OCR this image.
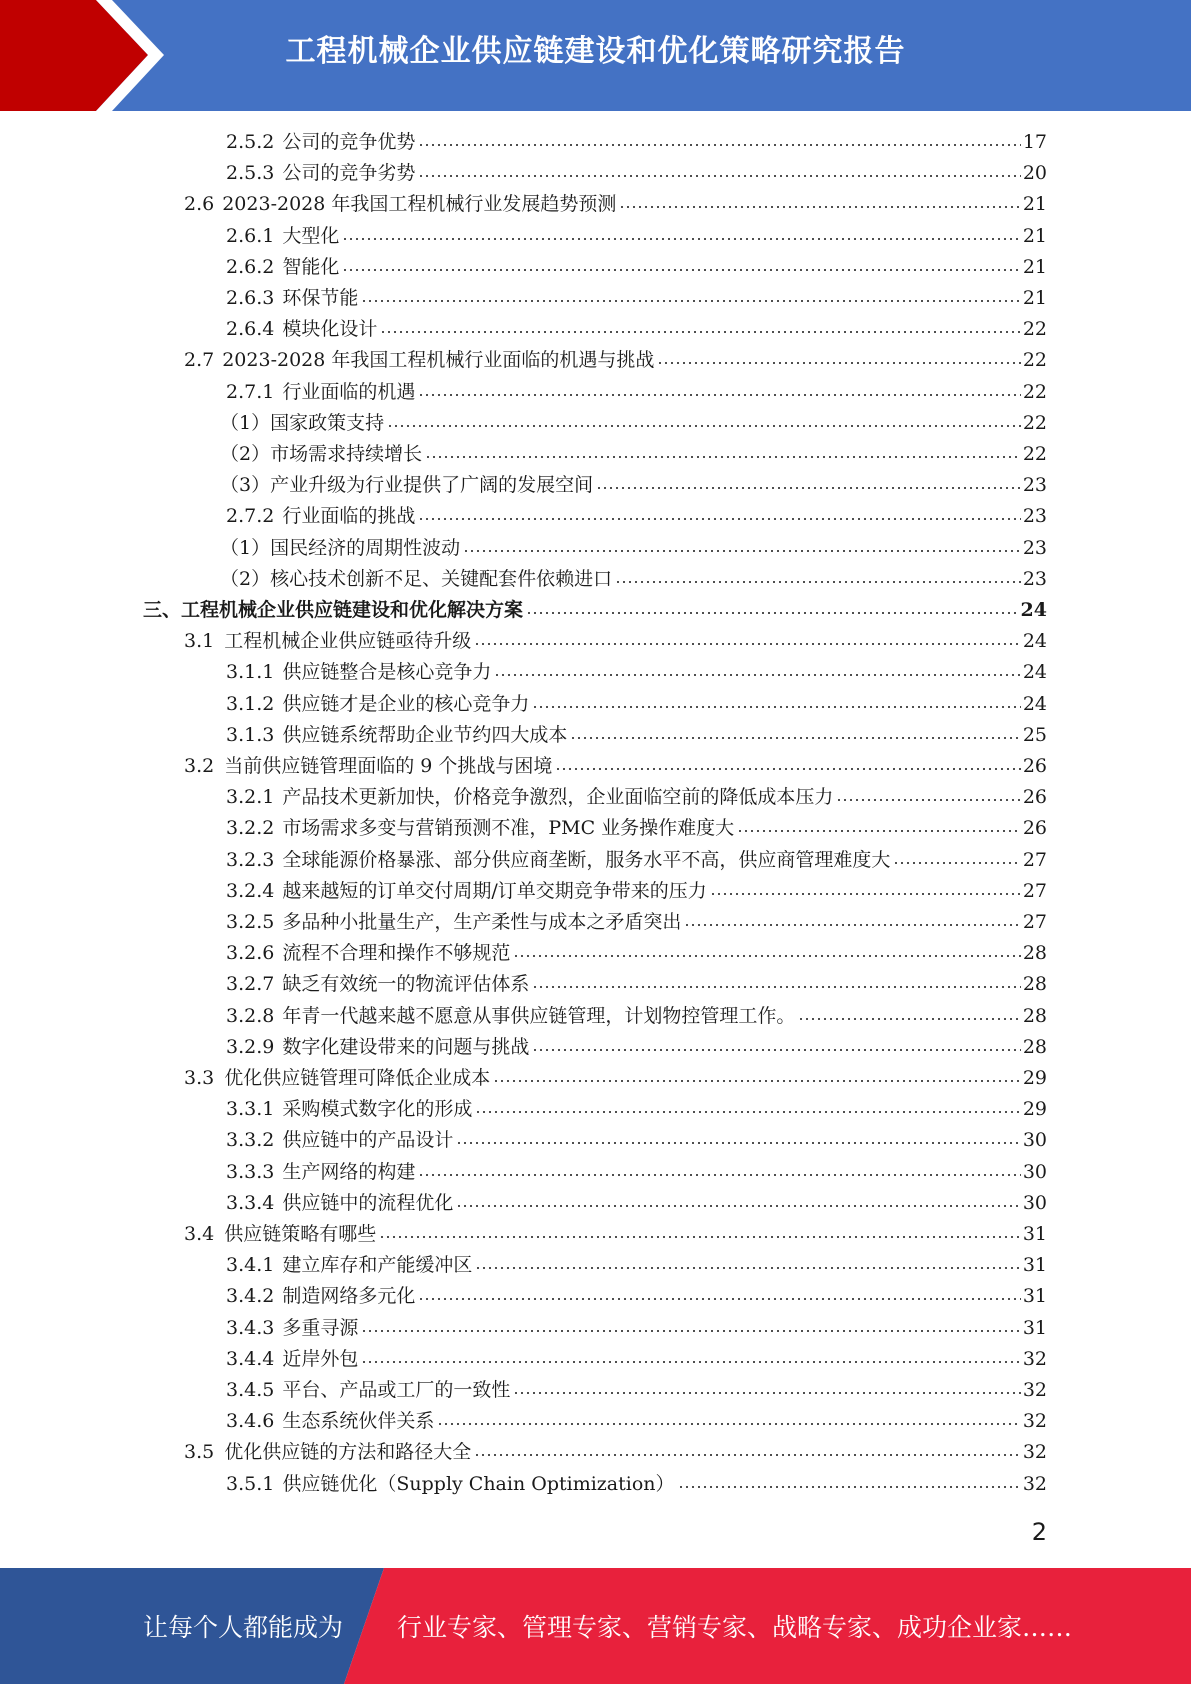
工程机械企业供应链建设和优化策略研究报告
2.5.2 公司的竞争优势	17
2.5.3 公司的竞争劣势	20
2.6 2023-2028 年我国工程机械行业发展趋势预测	21
2.6.1 大型化	21
2.6.2 智能化	21
2.6.3 环保节能	21
2.6.4 模块化设计	22
2.7 2023-2028 年我国工程机械行业面临的机遇与挑战	22
2.7.1 行业面临的机遇	22
（1）国家政策支持	22
（2）市场需求持续增长	22
（3）产业升级为行业提供了广阔的发展空间	23
2.7.2 行业面临的挑战	23
（1）国民经济的周期性波动	23
（2）核心技术创新不足、关键配套件依赖进口	23
三、工程机械企业供应链建设和优化解决方案	24
3.1 工程机械企业供应链亟待升级	24
3.1.1 供应链整合是核心竞争力	24
3.1.2 供应链才是企业的核心竞争力	24
3.1.3 供应链系统帮助企业节约四大成本	25
3.2 当前供应链管理面临的 9 个挑战与困境	26
3.2.1 产品技术更新加快，价格竞争激烈，企业面临空前的降低成本压力	26
3.2.2 市场需求多变与营销预测不准，PMC 业务操作难度大	26
3.2.3 全球能源价格暴涨、部分供应商垄断，服务水平不高，供应商管理难度大	27
3.2.4 越来越短的订单交付周期/订单交期竞争带来的压力	27
3.2.5 多品种小批量生产，生产柔性与成本之矛盾突出	27
3.2.6 流程不合理和操作不够规范	28
3.2.7 缺乏有效统一的物流评估体系	28
3.2.8 年青一代越来越不愿意从事供应链管理，计划物控管理工作。	28
3.2.9 数字化建设带来的问题与挑战	28
3.3 优化供应链管理可降低企业成本	29
3.3.1 采购模式数字化的形成	29
3.3.2 供应链中的产品设计	30
3.3.3 生产网络的构建	30
3.3.4 供应链中的流程优化	30
3.4 供应链策略有哪些	31
3.4.1 建立库存和产能缓冲区	31
3.4.2 制造网络多元化	31
3.4.3 多重寻源	31
3.4.4 近岸外包	32
3.4.5 平台、产品或工厂的一致性	32
3.4.6 生态系统伙伴关系	32
3.5 优化供应链的方法和路径大全	32
3.5.1 供应链优化（Supply Chain Optimization）	32
2
让每个人都能成为 行业专家、管理专家、营销专家、战略专家、成功企业家……
